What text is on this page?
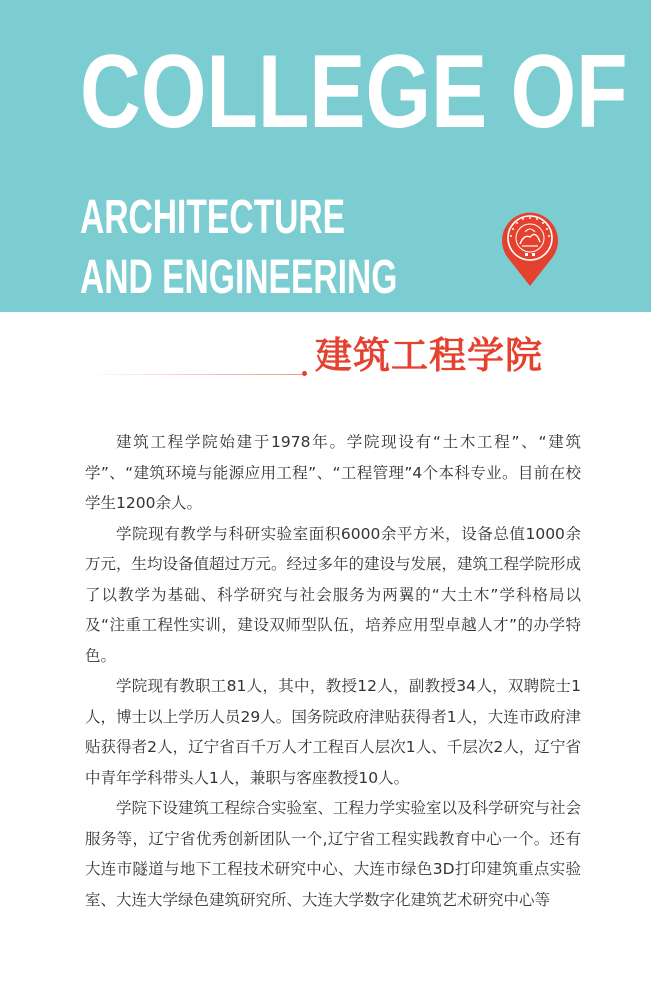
COLLEGE OF
ARCHITECTURE
AND ENGINEERING
建筑工程学院

建筑工程学院始建于1978年。学院现设有“土木工程”、“建筑学”、“建筑环境与能源应用工程”、“工程管理”4个本科专业。目前在校学生1200余人。

学院现有教学与科研实验室面积6000余平方米，设备总值1000余万元，生均设备值超过万元。经过多年的建设与发展，建筑工程学院形成了以教学为基础、科学研究与社会服务为两翼的“大土木”学科格局以及“注重工程性实训，建设双师型队伍，培养应用型卓越人才”的办学特色。

学院现有教职工81人，其中，教授12人，副教授34人，双聘院士1人，博士以上学历人员29人。国务院政府津贴获得者1人，大连市政府津贴获得者2人，辽宁省百千万人才工程百人层次1人、千层次2人，辽宁省中青年学科带头人1人，兼职与客座教授10人。

学院下设建筑工程综合实验室、工程力学实验室以及科学研究与社会服务等，辽宁省优秀创新团队一个,辽宁省工程实践教育中心一个。还有大连市隧道与地下工程技术研究中心、大连市绿色3D打印建筑重点实验室、大连大学绿色建筑研究所、大连大学数字化建筑艺术研究中心等
